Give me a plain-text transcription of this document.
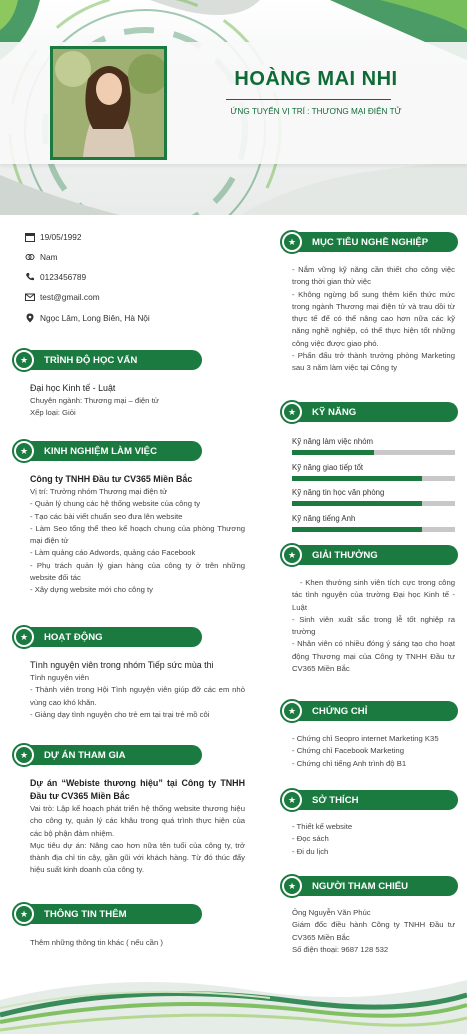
HOÀNG MAI NHI
ỨNG TUYỂN VỊ TRÍ : THƯƠNG MẠI ĐIỆN TỬ
19/05/1992
Nam
0123456789
test@gmail.com
Ngọc Lâm, Long Biên, Hà Nội
★	TRÌNH ĐỘ HỌC VẤN

Đại học Kinh tế - Luật

Chuyên ngành: Thương mại – điện tử

Xếp loại: Giỏi

★	KINH NGHIỆM LÀM VIỆC

Công ty TNHH Đầu tư CV365 Miền Bắc

Vị trí: Trưởng nhóm Thương mại điện tử

- Quản lý chung các hệ thống website của công ty

- Tạo các bài viết chuẩn seo đưa lên website

- Làm Seo tổng thể theo kế hoạch chung của phòng Thương mại điện tử

- Làm quảng cáo Adwords, quảng cáo Facebook

- Phụ trách quản lý gian hàng của công ty ở trên những website đối tác

- Xây dựng website mới cho công ty

★	HOẠT ĐỘNG

Tình nguyện viên trong nhóm Tiếp sức mùa thi

Tình nguyện viên

- Thành viên trong Hội Tình nguyện viên giúp đỡ các em nhỏ vùng cao khó khăn.

- Giảng dạy tình nguyện cho trẻ em tại trại trẻ mồ côi

★	DỰ ÁN THAM GIA

Dự án “Webiste thương hiệu” tại Công ty TNHH Đầu tư CV365 Miền Bắc

Vai trò: Lập kế hoạch phát triển hệ thống website thương hiệu cho công ty, quản lý các khâu trong quá trình thực hiện của các bộ phận đảm nhiệm.

Mục tiêu dự án: Nâng cao hơn nữa tên tuổi của công ty, trở thành địa chỉ tin cậy, gần gũi với khách hàng. Từ đó thúc đẩy hiệu suất kinh doanh của công ty.

★	THÔNG TIN THÊM

Thêm những thông tin khác ( nếu cần )

★	MỤC TIÊU NGHỀ NGHIỆP

- Nắm vững kỹ năng cần thiết cho công việc trong thời gian thử việc

- Không ngừng bổ sung thêm kiến thức mức trong ngành Thương mại điện tử và trau dồi từ thực tế để có thể nâng cao hơn nữa các kỹ năng nghề nghiệp, có thể thực hiện tốt những công việc được giao phó.

- Phấn đấu trở thành trưởng phòng Marketing sau 3 năm làm việc tại Công ty

★	KỸ NĂNG
Kỹ năng làm việc nhóm
Kỹ năng giao tiếp tốt
Kỹ năng tin học văn phòng
Kỹ năng tiếng Anh
★	GIẢI THƯỞNG

- Khen thưởng sinh viên tích cực trong công tác tình nguyện của trường Đại học Kinh tế - Luật

- Sinh viên xuất sắc trong lễ tốt nghiệp ra trường

- Nhân viên có nhiều đóng ý sáng tạo cho hoạt động Thương mại của Công ty TNHH Đầu tư CV365 Miền Bắc

★	CHỨNG CHỈ

- Chứng chỉ Seopro internet Marketing K35

- Chứng chỉ Facebook Marketing

- Chứng chỉ tiếng Anh trình độ B1

★	SỞ THÍCH

- Thiết kế website

- Đọc sách

- Đi du lịch

★	NGƯỜI THAM CHIẾU

Ông Nguyễn Văn Phúc

Giám đốc điều hành Công ty TNHH Đầu tư CV365 Miền Bắc

Số điện thoại: 9687 128 532
